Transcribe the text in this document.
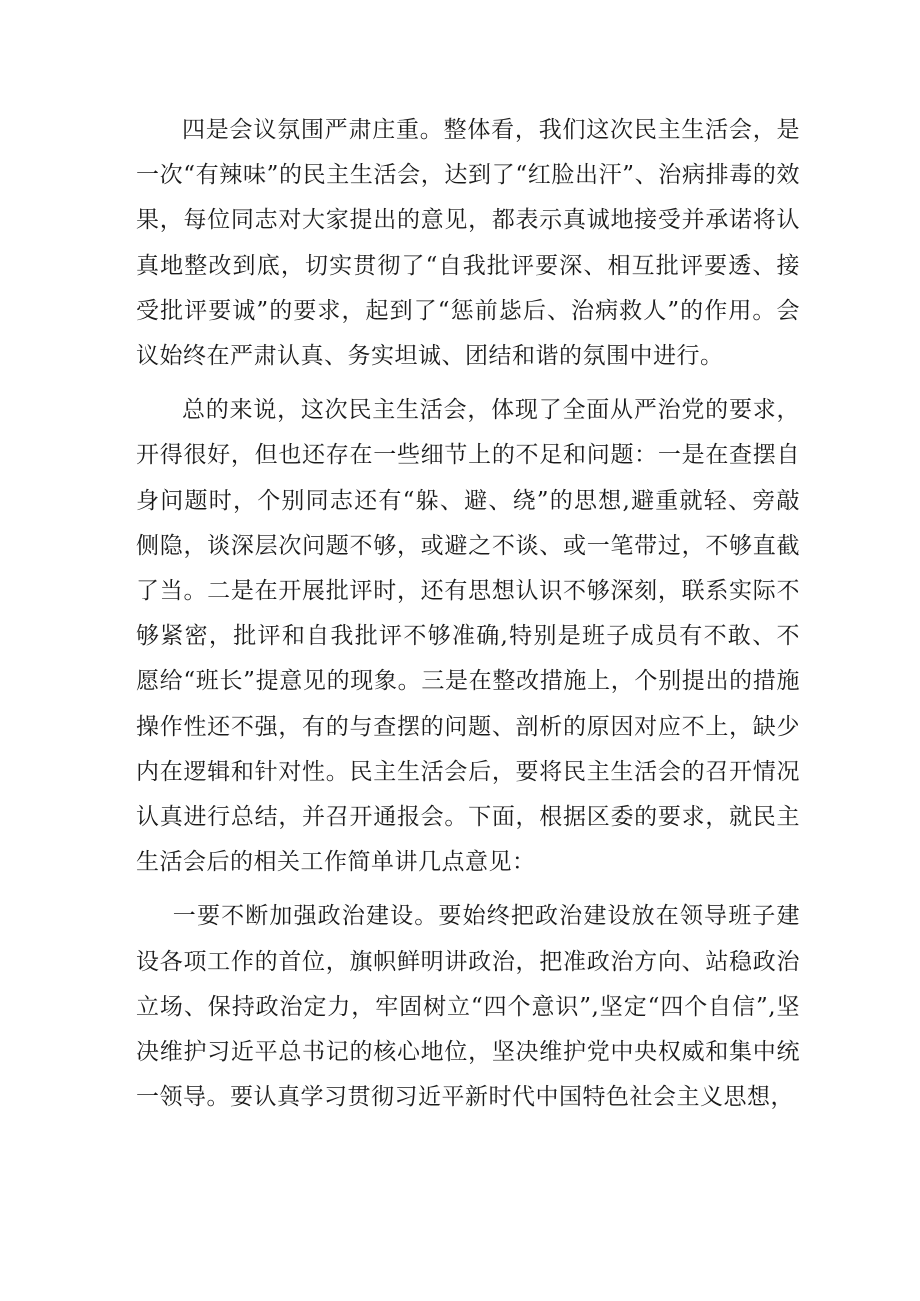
四是会议氛围严肃庄重。整体看，我们这次民主生活会，是一次“有辣味”的民主生活会，达到了“红脸出汗”、治病排毒的效果，每位同志对大家提出的意见，都表示真诚地接受并承诺将认真地整改到底，切实贯彻了“自我批评要深、相互批评要透、接受批评要诚”的要求，起到了“惩前毖后、治病救人”的作用。会议始终在严肃认真、务实坦诚、团结和谐的氛围中进行。

总的来说，这次民主生活会，体现了全面从严治党的要求，开得很好，但也还存在一些细节上的不足和问题：一是在查摆自身问题时，个别同志还有“躲、避、绕”的思想,避重就轻、旁敲侧隐，谈深层次问题不够，或避之不谈、或一笔带过，不够直截了当。二是在开展批评时，还有思想认识不够深刻，联系实际不够紧密，批评和自我批评不够准确,特别是班子成员有不敢、不愿给“班长”提意见的现象。三是在整改措施上，个别提出的措施操作性还不强，有的与查摆的问题、剖析的原因对应不上，缺少内在逻辑和针对性。民主生活会后，要将民主生活会的召开情况认真进行总结，并召开通报会。下面，根据区委的要求，就民主生活会后的相关工作简单讲几点意见：

一要不断加强政治建设。要始终把政治建设放在领导班子建设各项工作的首位，旗帜鲜明讲政治，把准政治方向、站稳政治立场、保持政治定力，牢固树立“四个意识”,坚定“四个自信”,坚决维护习近平总书记的核心地位，坚决维护党中央权威和集中统一领导。要认真学习贯彻习近平新时代中国特色社会主义思想，
